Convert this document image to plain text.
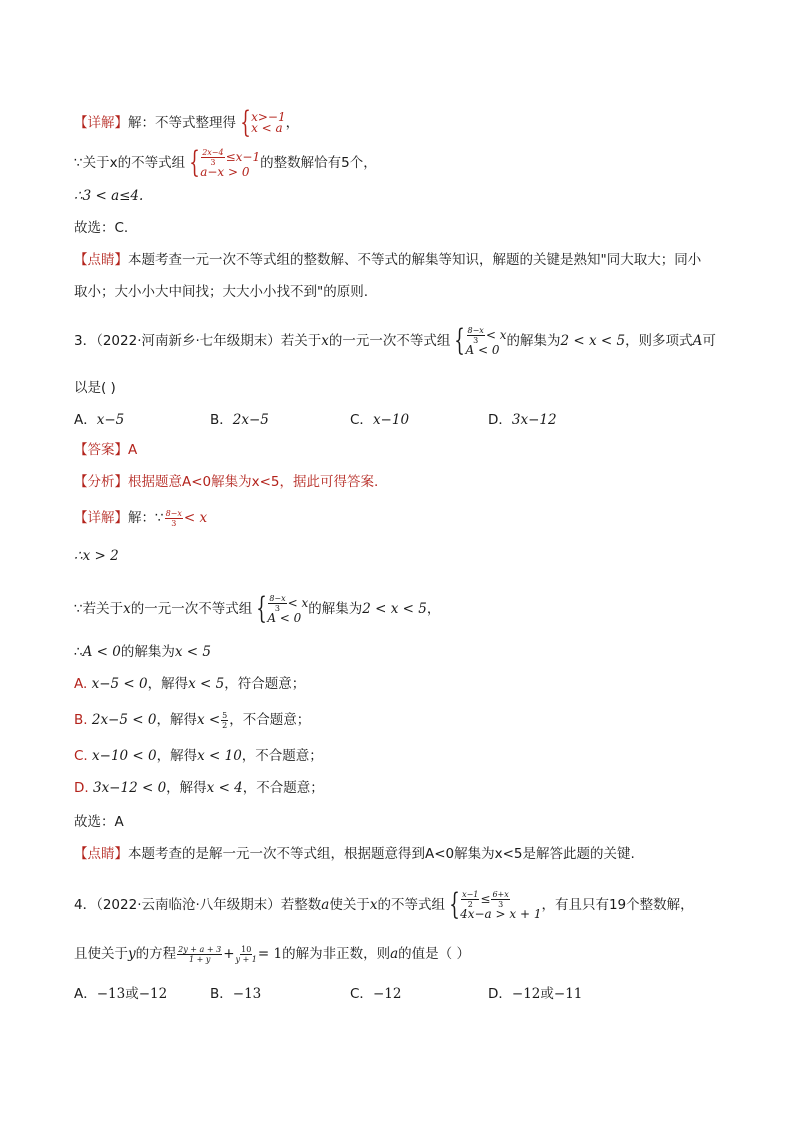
【详解】解：不等式整理得 { x>−1
x < a ，
∵关于x的不等式组 { $\frac{2x-4}{3} \le x-1$
a−x > 0
的整数解恰有5个，
∴3 < a≤4.
故选：C.
【点睛】本题考查一元一次不等式组的整数解、不等式的解集等知识，解题的关键是熟知"同大取大；同小
取小；大小小大中间找；大大小小找不到"的原则.
3．（2022·河南新乡·七年级期末）若关于x的一元一次不等式组 { $\frac{8-x}{3} < x$
A < 0
的解集为2 < x < 5，则多项式A可
以是( )
A．x−5	B．2x−5	C．x−10	D．3x−12
【答案】A
【分析】根据题意A<0解集为x<5，据此可得答案.
【详解】解：∵ $\frac{8-x}{3} < x$
∴x > 2
∵若关于x的一元一次不等式组 { $\frac{8-x}{3} < x$
A < 0
的解集为2 < x < 5，
∴A < 0的解集为x < 5
A. x−5 < 0，解得x < 5，符合题意；
B. 2x−5 < 0，解得$x < \frac{5}{2}$ ，不合题意；
C. x−10 < 0，解得x < 10，不合题意；
D. 3x−12 < 0，解得x < 4，不合题意；
故选：A
【点睛】本题考查的是解一元一次不等式组，根据题意得到A<0解集为x<5是解答此题的关键.
4．（2022·云南临沧·八年级期末）若整数a使关于x的不等式组 { $\frac{x-1}{2} \le \frac{6+x}{3}$
4x−a > x + 1
，有且只有19个整数解，
且使关于y的方程 $\frac{2y + a + 3}{1 + y} + \frac{10}{y + 1} = 1$的解为非正数，则a的值是（ ）
A．−13或−12	B．−13	C．−12	D．−12或−11
